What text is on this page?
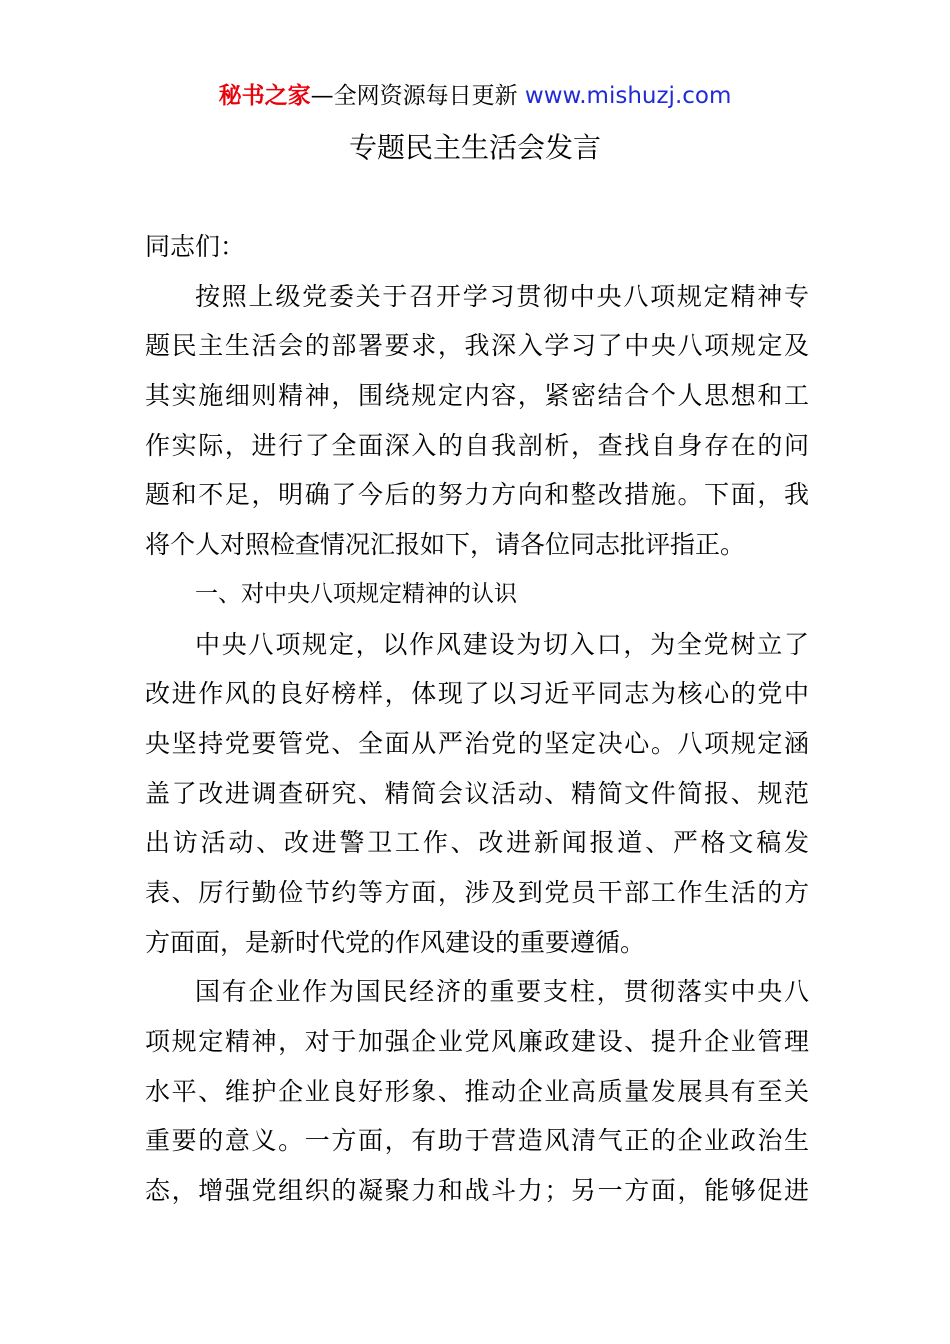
秘书之家—全网资源每日更新 www.mishuzj.com
专题民主生活会发言
同志们：
按照上级党委关于召开学习贯彻中央八项规定精神专
题民主生活会的部署要求，我深入学习了中央八项规定及
其实施细则精神，围绕规定内容，紧密结合个人思想和工
作实际，进行了全面深入的自我剖析，查找自身存在的问
题和不足，明确了今后的努力方向和整改措施。下面，我
将个人对照检查情况汇报如下，请各位同志批评指正。
一、对中央八项规定精神的认识
中央八项规定，以作风建设为切入口，为全党树立了
改进作风的良好榜样，体现了以习近平同志为核心的党中
央坚持党要管党、全面从严治党的坚定决心。八项规定涵
盖了改进调查研究、精简会议活动、精简文件简报、规范
出访活动、改进警卫工作、改进新闻报道、严格文稿发
表、厉行勤俭节约等方面，涉及到党员干部工作生活的方
方面面，是新时代党的作风建设的重要遵循。
国有企业作为国民经济的重要支柱，贯彻落实中央八
项规定精神，对于加强企业党风廉政建设、提升企业管理
水平、维护企业良好形象、推动企业高质量发展具有至关
重要的意义。一方面，有助于营造风清气正的企业政治生
态，增强党组织的凝聚力和战斗力；另一方面，能够促进
